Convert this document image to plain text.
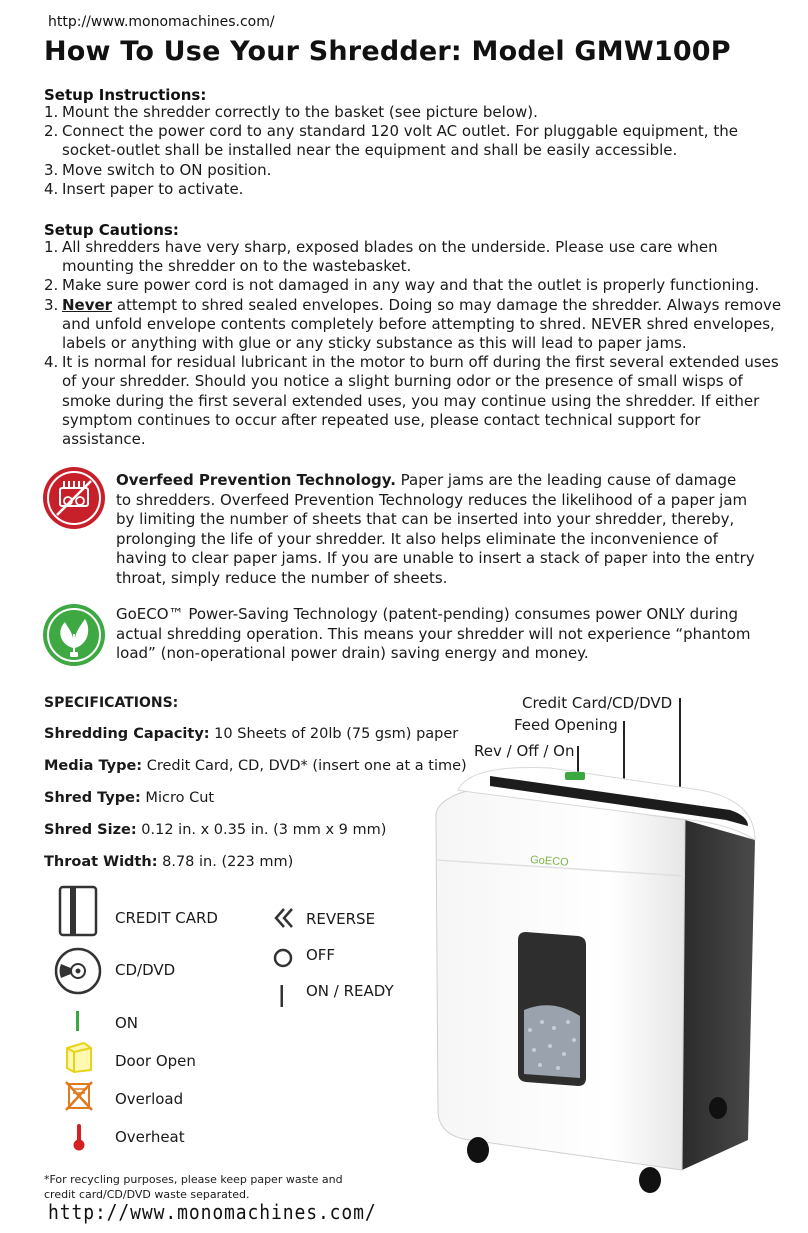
http://www.monomachines.com/
How To Use Your Shredder: Model GMW100P
Setup Instructions:
1. Mount the shredder correctly to the basket (see picture below).
2. Connect the power cord to any standard 120 volt AC outlet. For pluggable equipment, the socket-outlet shall be installed near the equipment and shall be easily accessible.
3. Move switch to ON position.
4. Insert paper to activate.
Setup Cautions:
1. All shredders have very sharp, exposed blades on the underside. Please use care when mounting the shredder on to the wastebasket.
2. Make sure power cord is not damaged in any way and that the outlet is properly functioning.
3. Never attempt to shred sealed envelopes. Doing so may damage the shredder. Always remove and unfold envelope contents completely before attempting to shred. NEVER shred envelopes, labels or anything with glue or any sticky substance as this will lead to paper jams.
4. It is normal for residual lubricant in the motor to burn off during the first several extended uses of your shredder. Should you notice a slight burning odor or the presence of small wisps of smoke during the first several extended uses, you may continue using the shredder. If either symptom continues to occur after repeated use, please contact technical support for assistance.

Overfeed Prevention Technology. Paper jams are the leading cause of damage to shredders. Overfeed Prevention Technology reduces the likelihood of a paper jam by limiting the number of sheets that can be inserted into your shredder, thereby, prolonging the life of your shredder. It also helps eliminate the inconvenience of having to clear paper jams. If you are unable to insert a stack of paper into the entry throat, simply reduce the number of sheets.

GoECO™ Power-Saving Technology (patent-pending) consumes power ONLY during actual shredding operation. This means your shredder will not experience “phantom load” (non-operational power drain) saving energy and money.

SPECIFICATIONS:
Shredding Capacity: 10 Sheets of 20lb (75 gsm) paper
Media Type: Credit Card, CD, DVD* (insert one at a time)
Shred Type: Micro Cut
Shred Size: 0.12 in. x 0.35 in. (3 mm x 9 mm)
Throat Width: 8.78 in. (223 mm)
CREDIT CARD
CD/DVD
ON
Door Open
Overload
Overheat
REVERSE
OFF
ON / READY
Credit Card/CD/DVD
Feed Opening
Rev / Off / On
GoECO
*For recycling purposes, please keep paper waste and credit card/CD/DVD waste separated.
http://www.monomachines.com/
